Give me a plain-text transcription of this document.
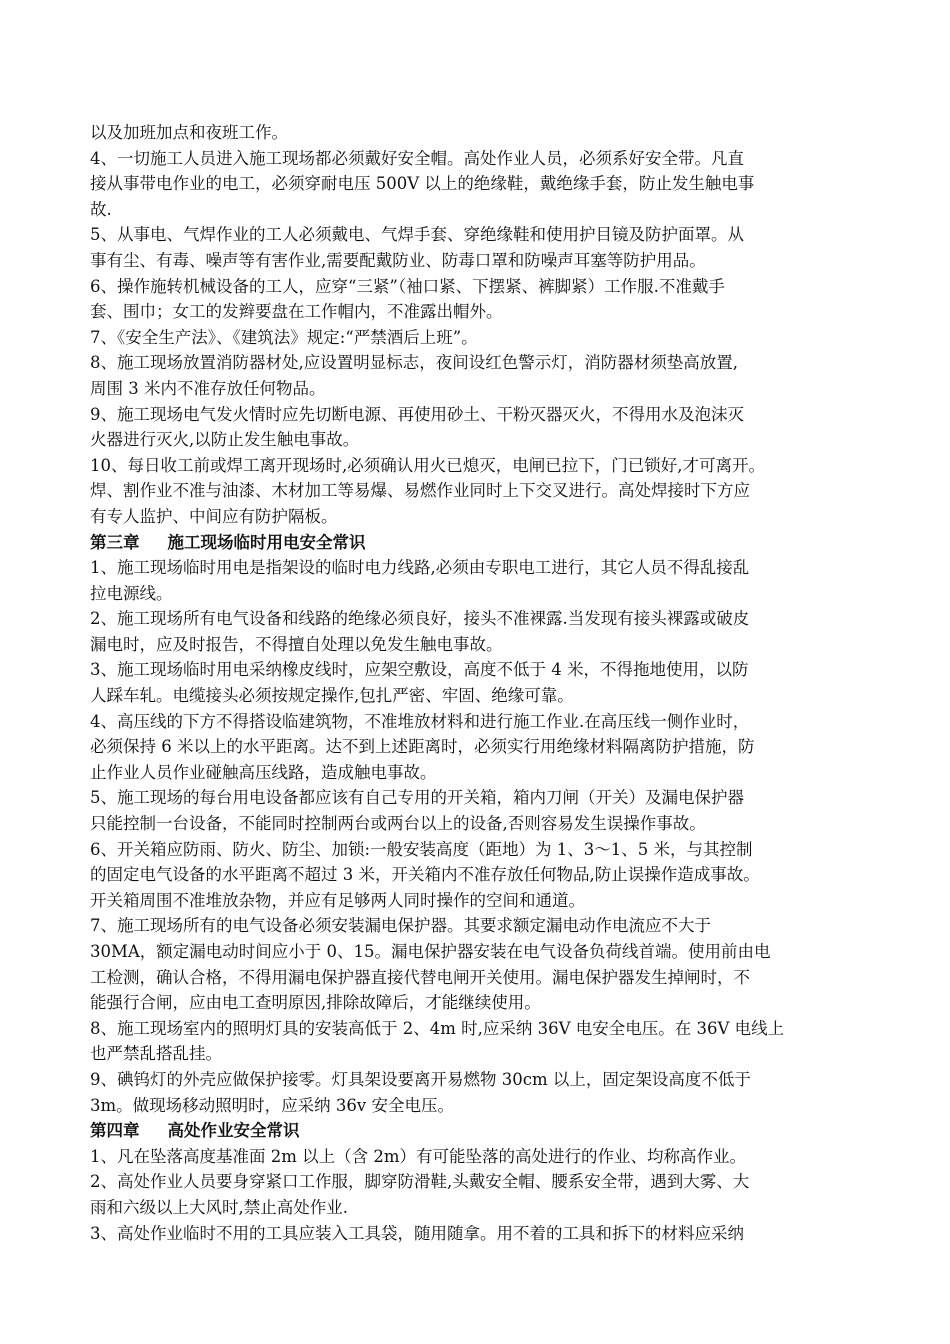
以及加班加点和夜班工作。
4、一切施工人员进入施工现场都必须戴好安全帽。高处作业人员，必须系好安全带。凡直
接从事带电作业的电工，必须穿耐电压 500V 以上的绝缘鞋，戴绝缘手套，防止发生触电事
故.
5、从事电、气焊作业的工人必须戴电、气焊手套、穿绝缘鞋和使用护目镜及防护面罩。从
事有尘、有毒、噪声等有害作业,需要配戴防业、防毒口罩和防噪声耳塞等防护用品。
6、操作施转机械设备的工人，应穿“三紧”（袖口紧、下摆紧、裤脚紧）工作服.不准戴手
套、围巾；女工的发辫要盘在工作帽内，不准露出帽外。
7、《安全生产法》、《建筑法》规定:“严禁酒后上班”。
8、施工现场放置消防器材处,应设置明显标志，夜间设红色警示灯，消防器材须垫高放置,
周围 3 米内不准存放任何物品。
9、施工现场电气发火情时应先切断电源、再使用砂土、干粉灭器灭火，不得用水及泡沫灭
火器进行灭火,以防止发生触电事故。
10、每日收工前或焊工离开现场时,必须确认用火已熄灭，电闸已拉下，门已锁好,才可离开。
焊、割作业不准与油漆、木材加工等易爆、易燃作业同时上下交叉进行。高处焊接时下方应
有专人监护、中间应有防护隔板。
第三章 施工现场临时用电安全常识
1、施工现场临时用电是指架设的临时电力线路,必须由专职电工进行，其它人员不得乱接乱
拉电源线。
2、施工现场所有电气设备和线路的绝缘必须良好，接头不准裸露.当发现有接头裸露或破皮
漏电时，应及时报告，不得擅自处理以免发生触电事故。
3、施工现场临时用电采纳橡皮线时，应架空敷设，高度不低于 4 米，不得拖地使用，以防
人踩车轧。电缆接头必须按规定操作,包扎严密、牢固、绝缘可靠。
4、高压线的下方不得搭设临建筑物，不准堆放材料和进行施工作业.在高压线一侧作业时，
必须保持 6 米以上的水平距离。达不到上述距离时，必须实行用绝缘材料隔离防护措施，防
止作业人员作业碰触高压线路，造成触电事故。
5、施工现场的每台用电设备都应该有自己专用的开关箱，箱内刀闸（开关）及漏电保护器
只能控制一台设备，不能同时控制两台或两台以上的设备,否则容易发生误操作事故。
6、开关箱应防雨、防火、防尘、加锁:一般安装高度（距地）为 1、3～1、5 米，与其控制
的固定电气设备的水平距离不超过 3 米，开关箱内不准存放任何物品,防止误操作造成事故。
开关箱周围不准堆放杂物，并应有足够两人同时操作的空间和通道。
7、施工现场所有的电气设备必须安装漏电保护器。其要求额定漏电动作电流应不大于
30MA，额定漏电动时间应小于 0、15。漏电保护器安装在电气设备负荷线首端。使用前由电
工检测，确认合格，不得用漏电保护器直接代替电闸开关使用。漏电保护器发生掉闸时，不
能强行合闸，应由电工查明原因,排除故障后，才能继续使用。
8、施工现场室内的照明灯具的安装高低于 2、4m 时,应采纳 36V 电安全电压。在 36V 电线上
也严禁乱搭乱挂。
9、碘钨灯的外壳应做保护接零。灯具架设要离开易燃物 30cm 以上，固定架设高度不低于
3m。做现场移动照明时，应采纳 36v 安全电压。
第四章 高处作业安全常识
1、凡在坠落高度基准面 2m 以上（含 2m）有可能坠落的高处进行的作业、均称高作业。
2、高处作业人员要身穿紧口工作服，脚穿防滑鞋,头戴安全帽、腰系安全带，遇到大雾、大
雨和六级以上大风时,禁止高处作业.
3、高处作业临时不用的工具应装入工具袋，随用随拿。用不着的工具和拆下的材料应采纳
